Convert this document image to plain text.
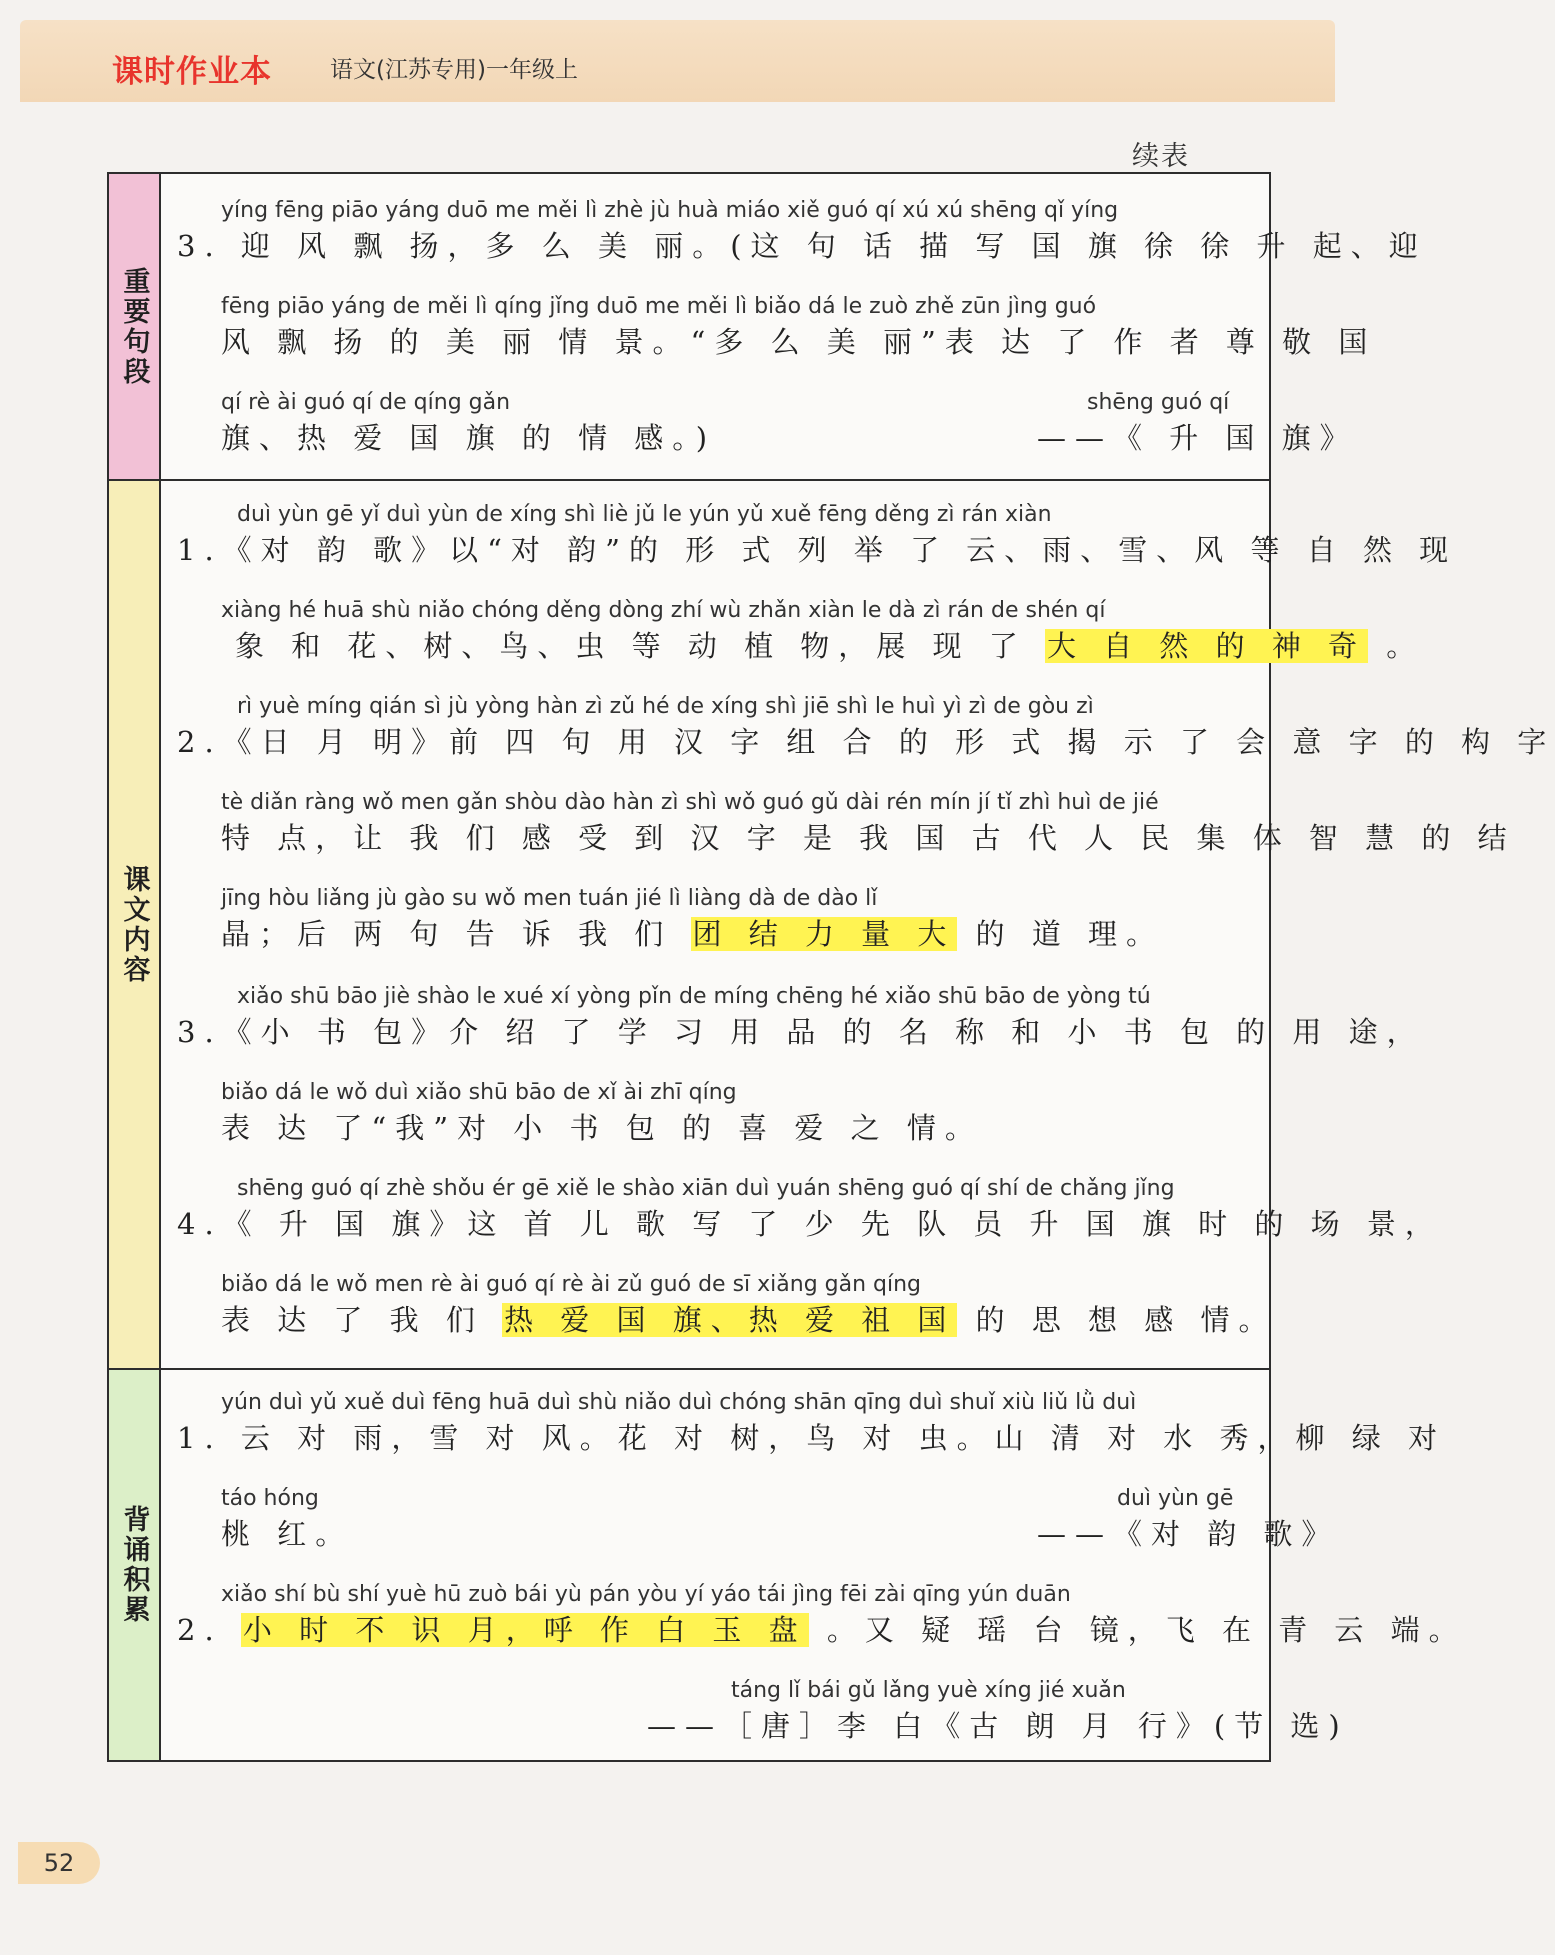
课时作业本	语文(江苏专用)一年级上
续表
重要句段
yíng fēng piāo yáng duō me měi lì zhè jù huà miáo xiě guó qí xú xú shēng qǐ yíng
3. 迎 风 飘 扬，多 么 美 丽。(这 句 话 描 写 国 旗 徐 徐 升 起、迎
fēng piāo yáng de měi lì qíng jǐng duō me měi lì biǎo dá le zuò zhě zūn jìng guó
风 飘 扬 的 美 丽 情 景。“多 么 美 丽”表 达 了 作 者 尊 敬 国
qí rè ài guó qí de qíng gǎn	shēng guó qí
旗、热 爱 国 旗 的 情 感。)	——《 升 国 旗》
课文内容
duì yùn gē yǐ duì yùn de xíng shì liè jǔ le yún yǔ xuě fēng děng zì rán xiàn
1.《对 韵 歌》以“对 韵”的 形 式 列 举 了 云、雨、雪、风 等 自 然 现
xiàng hé huā shù niǎo chóng děng dòng zhí wù zhǎn xiàn le dà zì rán de shén qí
象 和 花、树、鸟、虫 等 动 植 物，展 现 了 大 自 然 的 神 奇 。
rì yuè míng qián sì jù yòng hàn zì zǔ hé de xíng shì jiē shì le huì yì zì de gòu zì
2.《日 月 明》前 四 句 用 汉 字 组 合 的 形 式 揭 示 了 会 意 字 的 构 字
tè diǎn ràng wǒ men gǎn shòu dào hàn zì shì wǒ guó gǔ dài rén mín jí tǐ zhì huì de jié
特 点，让 我 们 感 受 到 汉 字 是 我 国 古 代 人 民 集 体 智 慧 的 结
jīng hòu liǎng jù gào su wǒ men tuán jié lì liàng dà de dào lǐ
晶；后 两 句 告 诉 我 们 团 结 力 量 大 的 道 理。
xiǎo shū bāo jiè shào le xué xí yòng pǐn de míng chēng hé xiǎo shū bāo de yòng tú
3.《小 书 包》介 绍 了 学 习 用 品 的 名 称 和 小 书 包 的 用 途，
biǎo dá le wǒ duì xiǎo shū bāo de xǐ ài zhī qíng
表 达 了“我”对 小 书 包 的 喜 爱 之 情。
shēng guó qí zhè shǒu ér gē xiě le shào xiān duì yuán shēng guó qí shí de chǎng jǐng
4.《 升 国 旗》这 首 儿 歌 写 了 少 先 队 员 升 国 旗 时 的 场 景，
biǎo dá le wǒ men rè ài guó qí rè ài zǔ guó de sī xiǎng gǎn qíng
表 达 了 我 们 热 爱 国 旗、热 爱 祖 国 的 思 想 感 情。
背诵积累
yún duì yǔ xuě duì fēng huā duì shù niǎo duì chóng shān qīng duì shuǐ xiù liǔ lǜ duì
1. 云 对 雨，雪 对 风。花 对 树，鸟 对 虫。山 清 对 水 秀，柳 绿 对
táo hóng	duì yùn gē
桃 红。	——《对 韵 歌》
xiǎo shí bù shí yuè hū zuò bái yù pán yòu yí yáo tái jìng fēi zài qīng yún duān
2. 小 时 不 识 月，呼 作 白 玉 盘 。又 疑 瑶 台 镜，飞 在 青 云 端。
táng lǐ bái gǔ lǎng yuè xíng jié xuǎn
——［唐］李 白《古 朗 月 行》(节 选)
52
